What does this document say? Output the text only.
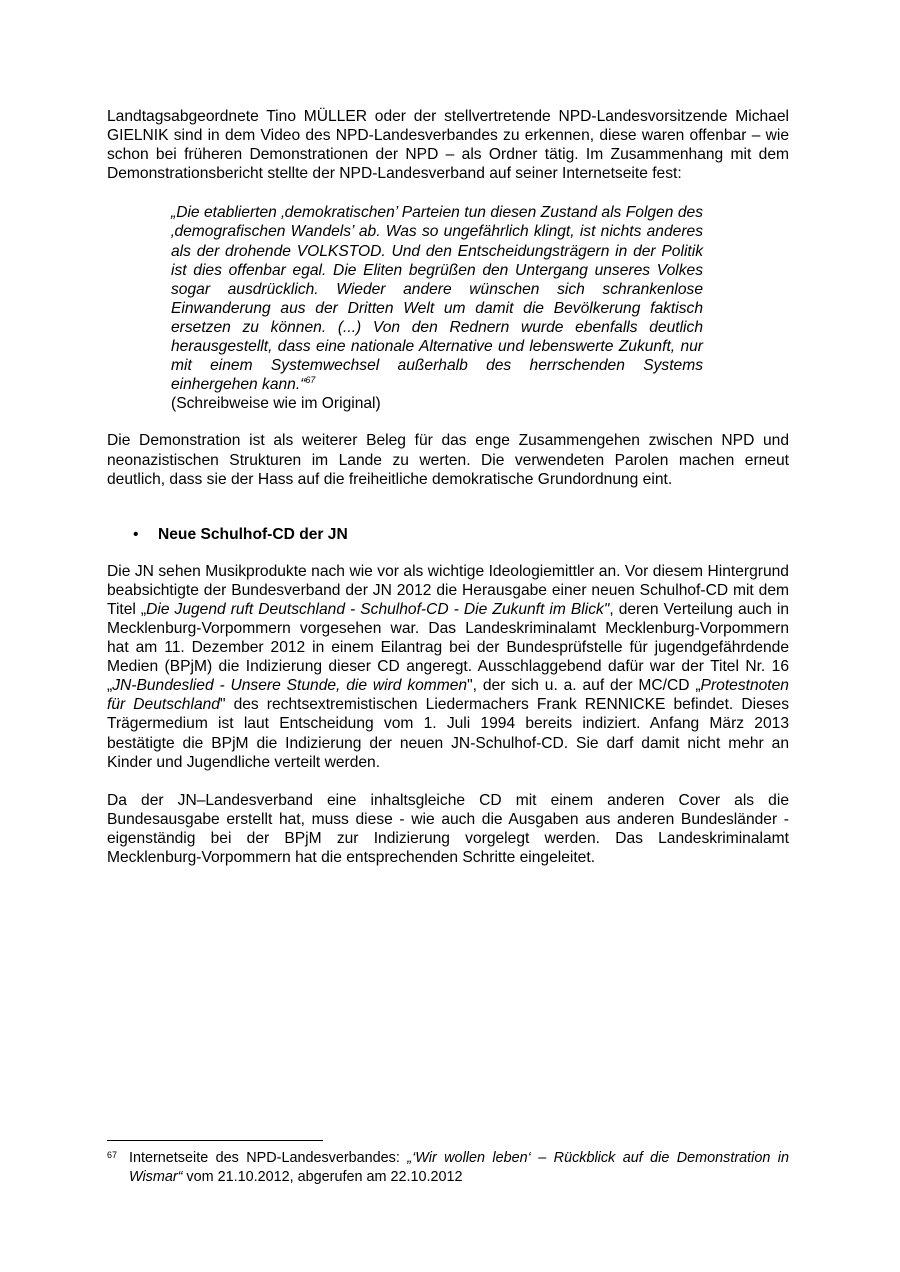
Landtagsabgeordnete Tino MÜLLER oder der stellvertretende NPD-Landesvorsitzende Michael GIELNIK sind in dem Video des NPD-Landesverbandes zu erkennen, diese waren offenbar – wie schon bei früheren Demonstrationen der NPD – als Ordner tätig. Im Zusammenhang mit dem Demonstrationsbericht stellte der NPD-Landesverband auf seiner Internetseite fest:

„Die etablierten ‚demokratischen’ Parteien tun diesen Zustand als Folgen des ‚demografischen Wandels’ ab. Was so ungefährlich klingt, ist nichts anderes als der drohende VOLKSTOD. Und den Entscheidungsträgern in der Politik ist dies offenbar egal. Die Eliten begrüßen den Untergang unseres Volkes sogar ausdrücklich. Wieder andere wünschen sich schrankenlose Einwanderung aus der Dritten Welt um damit die Bevölkerung faktisch ersetzen zu können. (...) Von den Rednern wurde ebenfalls deutlich herausgestellt, dass eine nationale Alternative und lebenswerte Zukunft, nur mit einem Systemwechsel außerhalb des herrschenden Systems einhergehen kann.“$^{67}$

(Schreibweise wie im Original)

Die Demonstration ist als weiterer Beleg für das enge Zusammengehen zwischen NPD und neonazistischen Strukturen im Lande zu werten. Die verwendeten Parolen machen erneut deutlich, dass sie der Hass auf die freiheitliche demokratische Grundordnung eint.

•	Neue Schulhof-CD der JN

Die JN sehen Musikprodukte nach wie vor als wichtige Ideologiemittler an. Vor diesem Hintergrund beabsichtigte der Bundesverband der JN 2012 die Herausgabe einer neuen Schulhof-CD mit dem Titel „Die Jugend ruft Deutschland - Schulhof-CD - Die Zukunft im Blick", deren Verteilung auch in Mecklenburg-Vorpommern vorgesehen war. Das Landeskriminalamt Mecklenburg-Vorpommern hat am 11. Dezember 2012 in einem Eilantrag bei der Bundesprüfstelle für jugendgefährdende Medien (BPjM) die Indizierung dieser CD angeregt. Ausschlaggebend dafür war der Titel Nr. 16 „JN-Bundeslied - Unsere Stunde, die wird kommen", der sich u. a. auf der MC/CD „Protestnoten für Deutschland" des rechtsextremistischen Liedermachers Frank RENNICKE befindet. Dieses Trägermedium ist laut Entscheidung vom 1. Juli 1994 bereits indiziert. Anfang März 2013 bestätigte die BPjM die Indizierung der neuen JN-Schulhof-CD. Sie darf damit nicht mehr an Kinder und Jugendliche verteilt werden.

Da der JN–Landesverband eine inhaltsgleiche CD mit einem anderen Cover als die Bundesausgabe erstellt hat, muss diese - wie auch die Ausgaben aus anderen Bundesländer - eigenständig bei der BPjM zur Indizierung vorgelegt werden. Das Landeskriminalamt Mecklenburg-Vorpommern hat die entsprechenden Schritte eingeleitet.

67 Internetseite des NPD-Landesverbandes: „‘Wir wollen leben‘ – Rückblick auf die Demonstration in Wismar“ vom 21.10.2012, abgerufen am 22.10.2012
